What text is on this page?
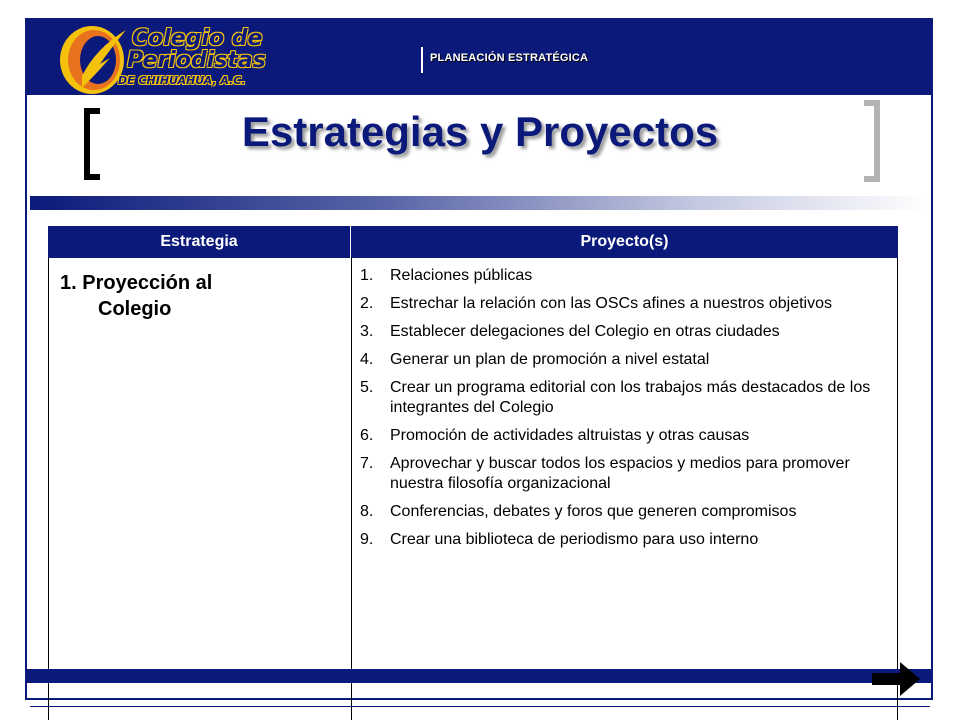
Colegio de
Periodistas
DE CHIHUAHUA, A.C.
PLANEACIÓN ESTRATÉGICA
Estrategias y Proyectos
Estrategia	Proyecto(s)
1. Proyección al
Colegio
1. Relaciones públicas
2. Estrechar la relación con las OSCs afines a nuestros objetivos
3. Establecer delegaciones del Colegio en otras ciudades
4. Generar un plan de promoción a nivel estatal
5. Crear un programa editorial con los trabajos más destacados de los integrantes del Colegio
6. Promoción de actividades altruistas y otras causas
7. Aprovechar y buscar todos los espacios y medios para promover nuestra filosofía organizacional
8. Conferencias, debates y foros que generen compromisos
9. Crear una biblioteca de periodismo para uso interno
